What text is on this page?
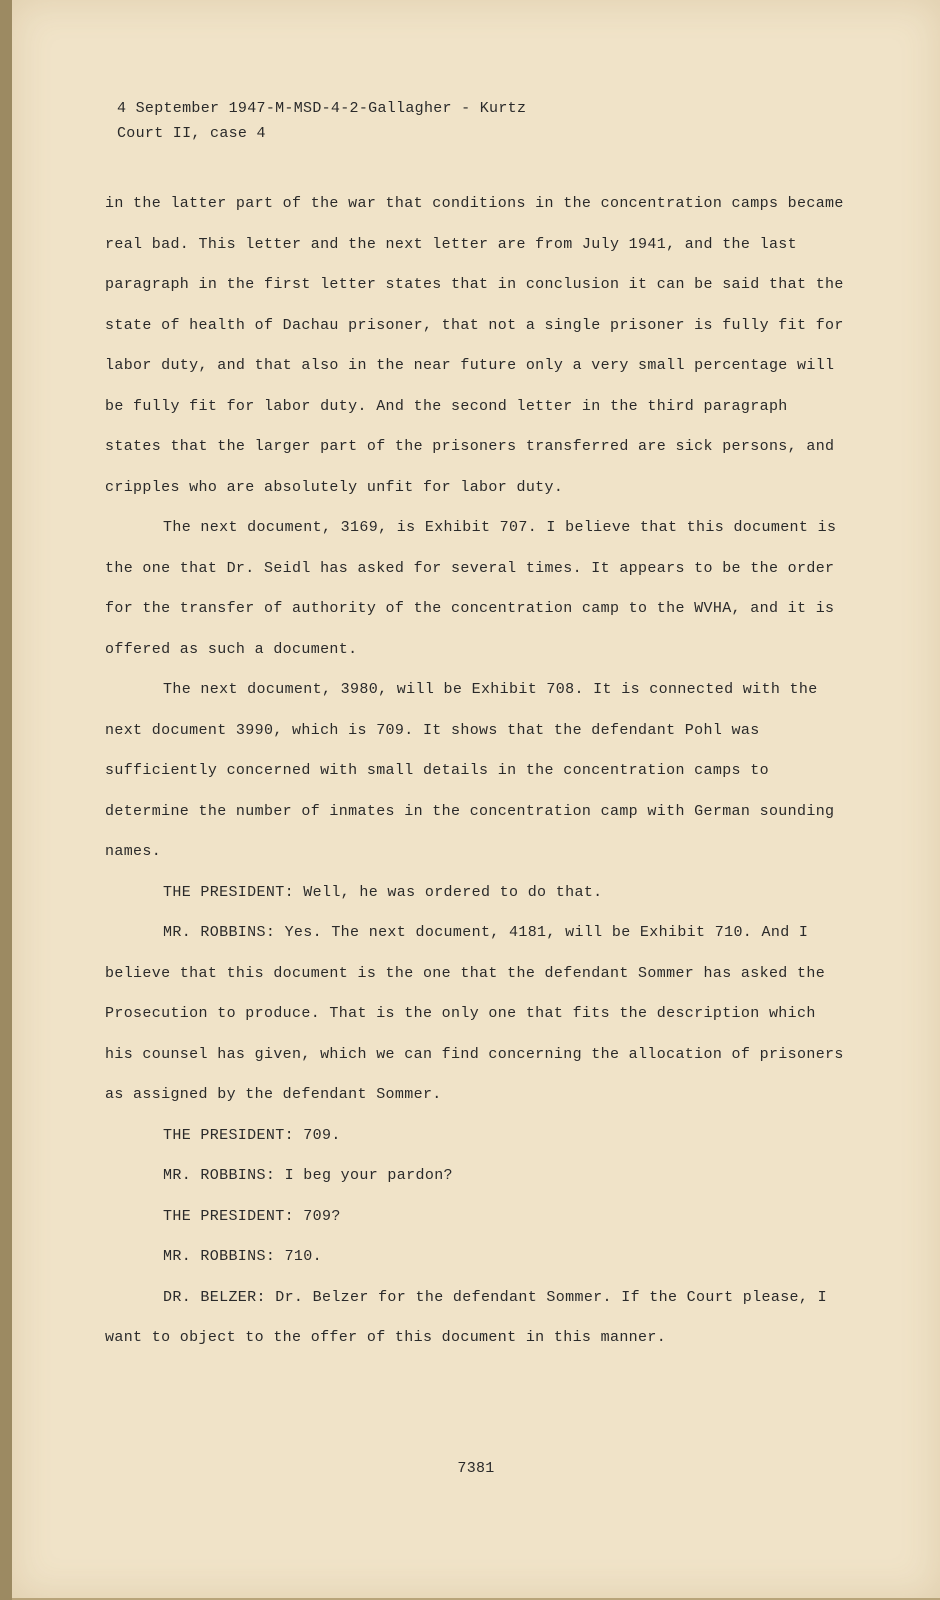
4 September 1947-M-MSD-4-2-Gallagher - Kurtz
Court II, case 4

in the latter part of the war that conditions in the concentration camps became real bad. This letter and the next letter are from July 1941, and the last paragraph in the first letter states that in conclusion it can be said that the state of health of Dachau prisoner, that not a single prisoner is fully fit for labor duty, and that also in the near future only a very small percentage will be fully fit for labor duty. And the second letter in the third paragraph states that the larger part of the prisoners transferred are sick persons, and cripples who are absolutely unfit for labor duty.

The next document, 3169, is Exhibit 707. I believe that this document is the one that Dr. Seidl has asked for several times. It appears to be the order for the transfer of authority of the concentration camp to the WVHA, and it is offered as such a document.

The next document, 3980, will be Exhibit 708. It is connected with the next document 3990, which is 709. It shows that the defendant Pohl was sufficiently concerned with small details in the concentration camps to determine the number of inmates in the concentration camp with German sounding names.

THE PRESIDENT: Well, he was ordered to do that.

MR. ROBBINS: Yes. The next document, 4181, will be Exhibit 710. And I believe that this document is the one that the defendant Sommer has asked the Prosecution to produce. That is the only one that fits the description which his counsel has given, which we can find concerning the allocation of prisoners as assigned by the defendant Sommer.

THE PRESIDENT: 709.

MR. ROBBINS: I beg your pardon?

THE PRESIDENT: 709?

MR. ROBBINS: 710.

DR. BELZER: Dr. Belzer for the defendant Sommer. If the Court please, I want to object to the offer of this document in this manner.

7381
